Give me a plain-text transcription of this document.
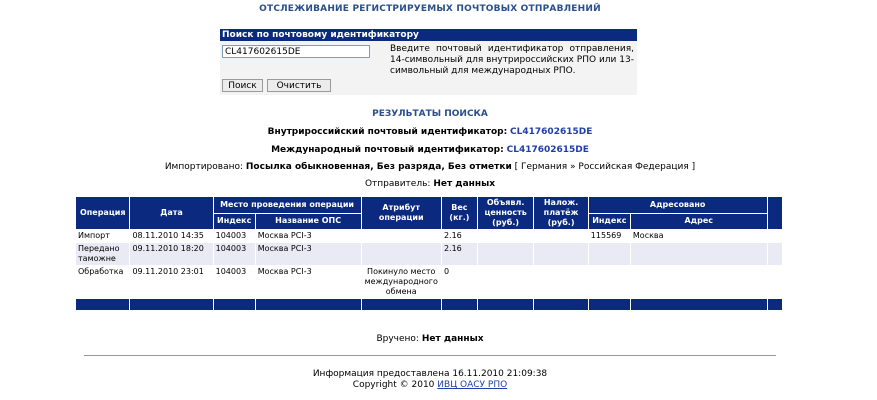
ОТСЛЕЖИВАНИЕ РЕГИСТРИРУЕМЫХ ПОЧТОВЫХ ОТПРАВЛЕНИЙ
Поиск по почтовому идентификатору
CL417602615DE
Введите почтовый идентификатор отправления, 14-символьный для внутрироссийских РПО или 13-символьный для международных РПО.
Поиск	Очистить
РЕЗУЛЬТАТЫ ПОИСКА
Внутрироссийский почтовый идентификатор: CL417602615DE
Международный почтовый идентификатор: CL417602615DE
Импортировано: Посылка обыкновенная, Без разряда, Без отметки [ Германия » Российская Федерация ]
Отправитель: Нет данных
Операция	Дата	Место проведения операции		Атрибут операции	Вес (кг.)	Объявл. ценность (руб.)	Налож. платёж (руб.)	Адресовано		
		Индекс	Название ОПС					Индекс	Адрес	
Импорт	08.11.2010 14:35	104003	Москва PCI-3		2.16			115569	Москва	
Передано таможне	09.11.2010 18:20	104003	Москва PCI-3		2.16					
Обработка	09.11.2010 23:01	104003	Москва PCI-3	Покинуло место международного обмена	0					

Вручено: Нет данных
Информация предоставлена 16.11.2010 21:09:38
Copyright © 2010 ИВЦ ОАСУ РПО
